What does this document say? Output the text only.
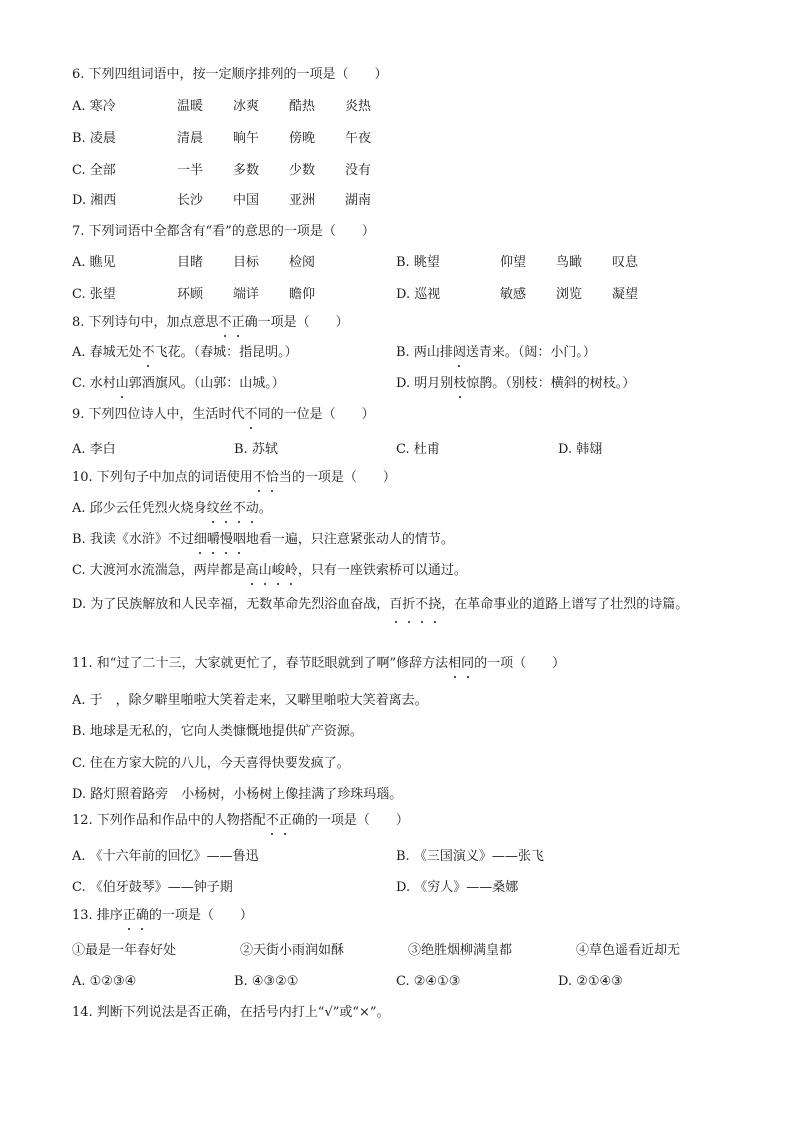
6. 下列四组词语中，按一定顺序排列的一项是（　　）
A. 寒冷	温暖 冰爽 酷热 炎热
B. 凌晨	清晨 晌午 傍晚 午夜
C. 全部	一半 多数 少数 没有
D. 湘西	长沙 中国 亚洲 湖南
7. 下列词语中全都含有“看”的意思的一项是（　　）
A. 瞧见	目睹 目标 检阅	B. 眺望	仰望 鸟瞰 叹息
C. 张望	环顾 端详 瞻仰	D. 巡视	敏感 浏览 凝望
8. 下列诗句中，加点意思不正确一项是（　　）
A. 春城无处不飞花。（春城：指昆明。）	B. 两山排闼送青来。（闼：小门。）
C. 水村山郭酒旗风。（山郭：山城。）	D. 明月别枝惊鹊。（别枝：横斜的树枝。）
9. 下列四位诗人中，生活时代不同的一位是（　　）
A. 李白	B. 苏轼	C. 杜甫	D. 韩翃
10. 下列句子中加点的词语使用不恰当的一项是（　　）
A. 邱少云任凭烈火烧身纹丝不动。
B. 我读《水浒》不过细嚼慢咽地看一遍，只注意紧张动人的情节。
C. 大渡河水流湍急，两岸都是高山峻岭，只有一座铁索桥可以通过。
D. 为了民族解放和人民幸福，无数革命先烈浴血奋战，百折不挠，在革命事业的道路上谱写了壮烈的诗篇。
11. 和“过了二十三，大家就更忙了，春节眨眼就到了啊”修辞方法相同的一项（　　）
A. 于　，除夕噼里啪啦大笑着走来，又噼里啪啦大笑着离去。
B. 地球是无私的，它向人类慷慨地提供矿产资源。
C. 住在方家大院的八儿，今天喜得快要发疯了。
D. 路灯照着路旁　小杨树，小杨树上像挂满了珍珠玛瑙。
12. 下列作品和作品中的人物搭配不正确的一项是（　　）
A. 《十六年前的回忆》——鲁迅	B. 《三国演义》——张飞
C. 《伯牙鼓琴》——钟子期	D. 《穷人》——桑娜
13. 排序正确的一项是（　　）
①最是一年春好处	②天街小雨润如酥	③绝胜烟柳满皇都	④草色遥看近却无
A. ①②③④	B. ④③②①	C. ②④①③	D. ②①④③
14. 判断下列说法是否正确，在括号内打上“√”或“×”。
